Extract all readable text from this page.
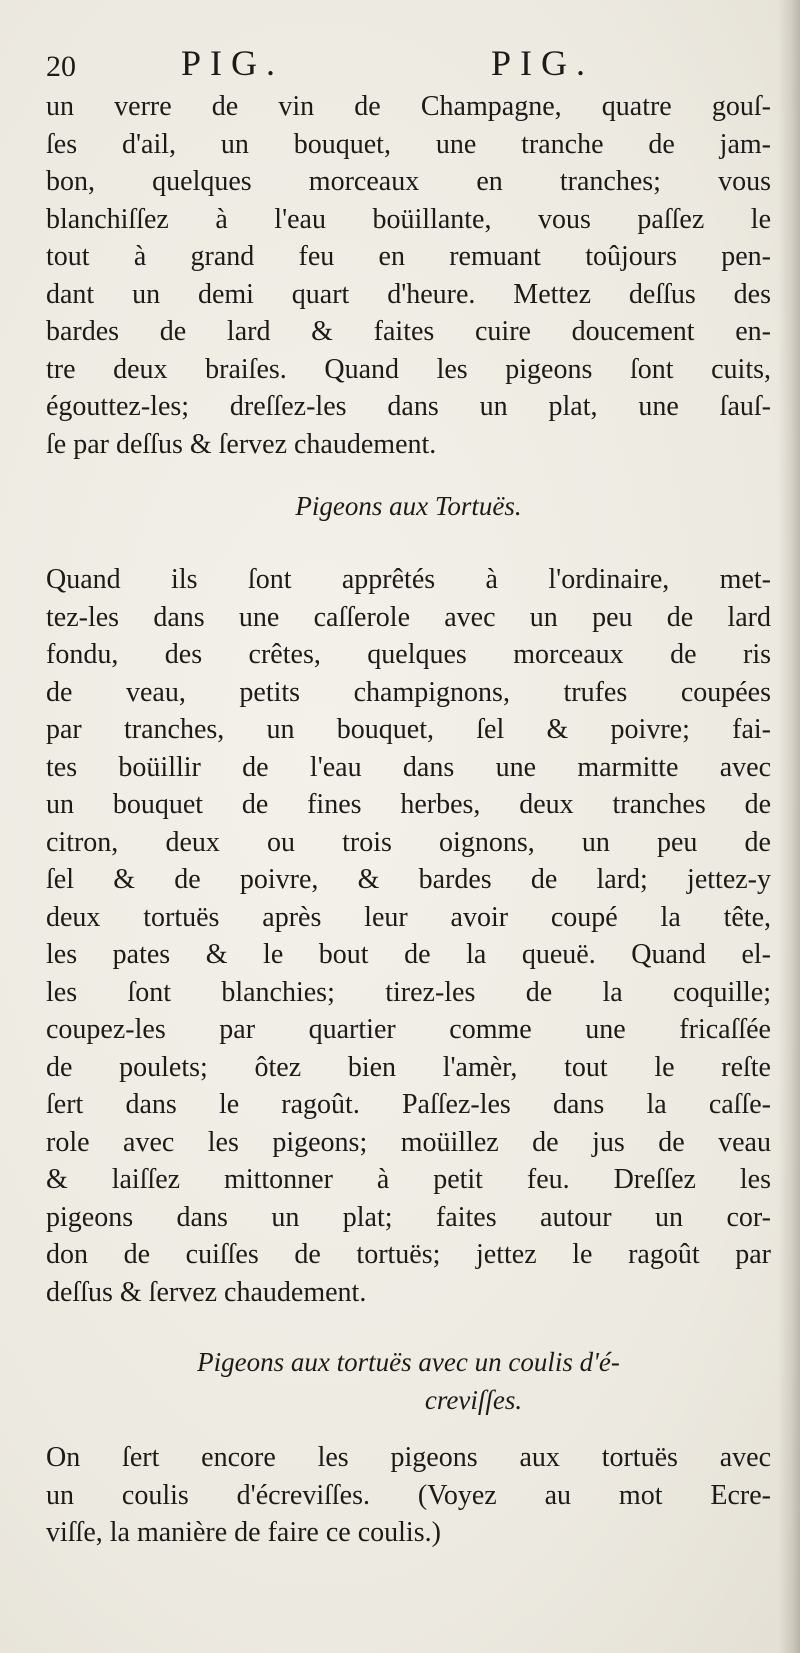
20	PIG.	PIG.
un verre de vin de Champagne, quatre gouſ-
ſes d'ail, un bouquet, une tranche de jam-
bon, quelques morceaux en tranches; vous
blanchiſſez à l'eau boüillante, vous paſſez le
tout à grand feu en remuant toûjours pen-
dant un demi quart d'heure. Mettez deſſus des
bardes de lard & faites cuire doucement en-
tre deux braiſes. Quand les pigeons ſont cuits,
égouttez-les; dreſſez-les dans un plat, une ſauſ-
ſe par deſſus & ſervez chaudement.
Pigeons aux Tortuës.
Quand ils ſont apprêtés à l'ordinaire, met-
tez-les dans une caſſerole avec un peu de lard
fondu, des crêtes, quelques morceaux de ris
de veau, petits champignons, trufes coupées
par tranches, un bouquet, ſel & poivre; fai-
tes boüillir de l'eau dans une marmitte avec
un bouquet de fines herbes, deux tranches de
citron, deux ou trois oignons, un peu de
ſel & de poivre, & bardes de lard; jettez-y
deux tortuës après leur avoir coupé la tête,
les pates & le bout de la queuë. Quand el-
les ſont blanchies; tirez-les de la coquille;
coupez-les par quartier comme une fricaſſée
de poulets; ôtez bien l'amèr, tout le reſte
ſert dans le ragoût. Paſſez-les dans la caſſe-
role avec les pigeons; moüillez de jus de veau
& laiſſez mittonner à petit feu. Dreſſez les
pigeons dans un plat; faites autour un cor-
don de cuiſſes de tortuës; jettez le ragoût par
deſſus & ſervez chaudement.
Pigeons aux tortuës avec un coulis d'é-
creviſſes.
On ſert encore les pigeons aux tortuës avec
un coulis d'écreviſſes. (Voyez au mot Ecre-
viſſe, la manière de faire ce coulis.)
